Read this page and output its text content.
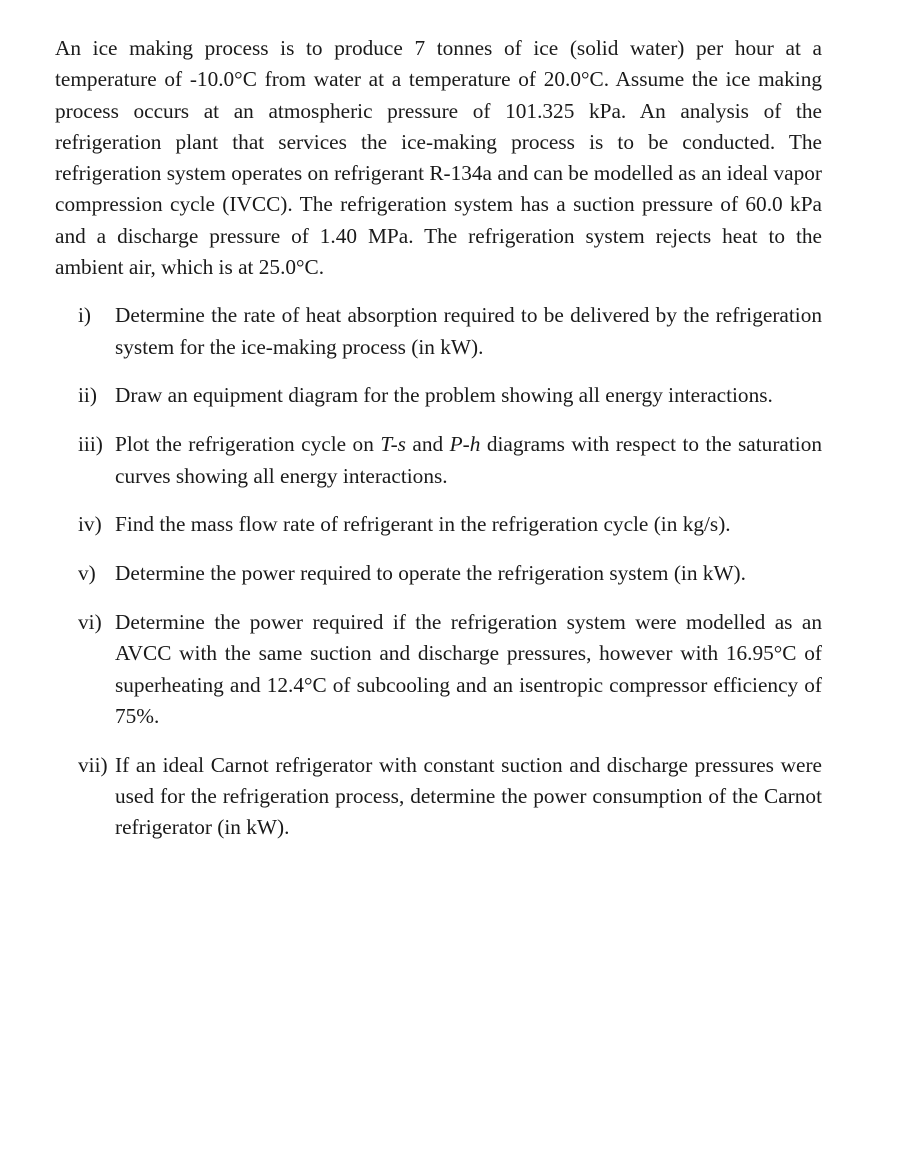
An ice making process is to produce 7 tonnes of ice (solid water) per hour at a temperature of -10.0°C from water at a temperature of 20.0°C. Assume the ice making process occurs at an atmospheric pressure of 101.325 kPa. An analysis of the refrigeration plant that services the ice-making process is to be conducted. The refrigeration system operates on refrigerant R-134a and can be modelled as an ideal vapor compression cycle (IVCC). The refrigeration system has a suction pressure of 60.0 kPa and a discharge pressure of 1.40 MPa. The refrigeration system rejects heat to the ambient air, which is at 25.0°C.

i) Determine the rate of heat absorption required to be delivered by the refrigeration system for the ice-making process (in kW).
ii) Draw an equipment diagram for the problem showing all energy interactions.
iii) Plot the refrigeration cycle on T-s and P-h diagrams with respect to the saturation curves showing all energy interactions.
iv) Find the mass flow rate of refrigerant in the refrigeration cycle (in kg/s).
v) Determine the power required to operate the refrigeration system (in kW).
vi) Determine the power required if the refrigeration system were modelled as an AVCC with the same suction and discharge pressures, however with 16.95°C of superheating and 12.4°C of subcooling and an isentropic compressor efficiency of 75%.
vii) If an ideal Carnot refrigerator with constant suction and discharge pressures were used for the refrigeration process, determine the power consumption of the Carnot refrigerator (in kW).
